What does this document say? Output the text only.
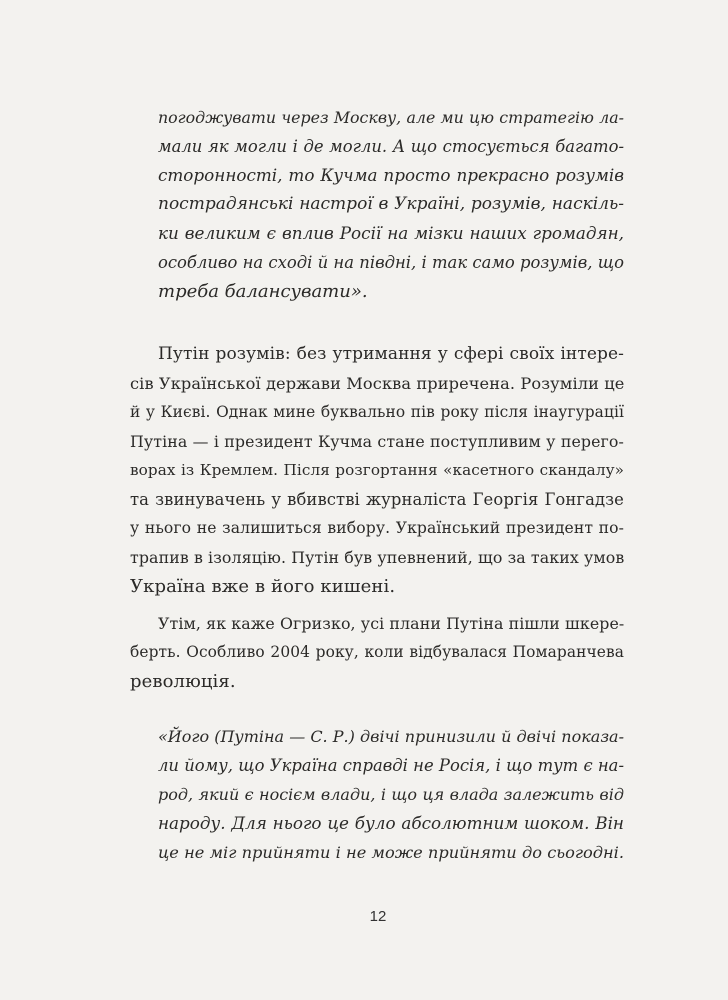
погоджувати через Москву, але ми цю стратегію ла-
мали як могли і де могли. А що стосується багато-
сторонності, то Кучма просто прекрасно розумів
пострадянські настрої в Україні, розумів, наскіль-
ки великим є вплив Росії на мізки наших громадян,
особливо на сході й на півдні, і так само розумів, що
треба балансувати».
Путін розумів: без утримання у сфері своїх інтере-
сів Української держави Москва приречена. Розуміли це
й у Києві. Однак мине буквально пів року після інаугурації
Путіна — і президент Кучма стане поступливим у перего-
ворах із Кремлем. Після розгортання «касетного скандалу»
та звинувачень у вбивстві журналіста Георгія Гонгадзе
у нього не залишиться вибору. Український президент по-
трапив в ізоляцію. Путін був упевнений, що за таких умов
Україна вже в його кишені.
Утім, як каже Огризко, усі плани Путіна пішли шкере-
берть. Особливо 2004 року, коли відбувалася Помаранчева
революція.
«Його (Путіна — С. Р.) двічі принизили й двічі показа-
ли йому, що Україна справді не Росія, і що тут є на-
род, який є носієм влади, і що ця влада залежить від
народу. Для нього це було абсолютним шоком. Він
це не міг прийняти і не може прийняти до сьогодні.
12
